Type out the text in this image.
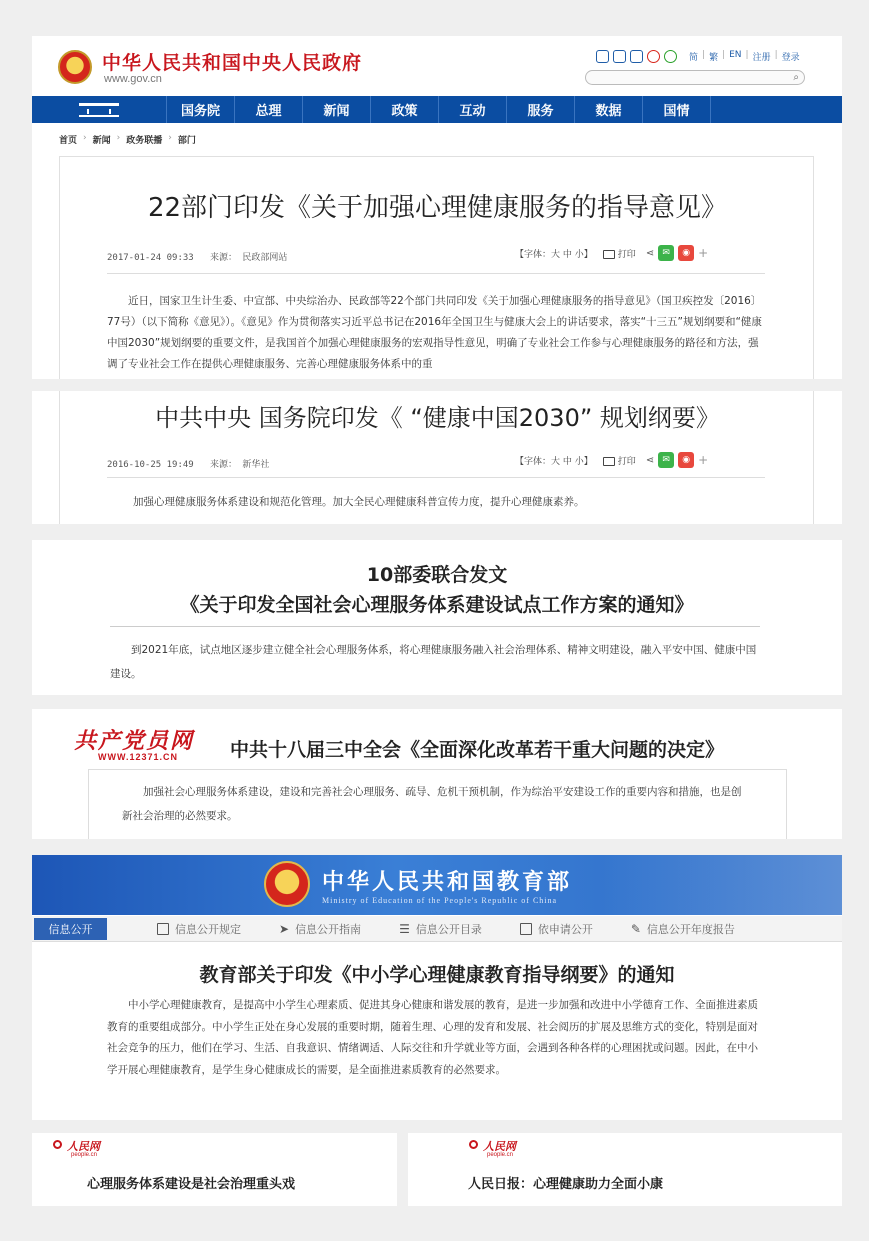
中华人民共和国中央人民政府
www.gov.cn
简 | 繁 | EN | 注册 | 登录
⌕
国务院	总理	新闻	政策	互动	服务	数据	国情
首页 › 新闻 › 政务联播 › 部门
22部门印发《关于加强心理健康服务的指导意见》
2017-01-24 09:33 来源： 民政部网站	【字体：大 中 小】	打印 ⋖ ✉	◉ +
近日，国家卫生计生委、中宣部、中央综治办、民政部等22个部门共同印发《关于加强心理健康服务的指导意见》（国卫疾控发〔2016〕77号）（以下简称《意见》）。《意见》作为贯彻落实习近平总书记在2016年全国卫生与健康大会上的讲话要求，落实“十三五”规划纲要和“健康中国2030”规划纲要的重要文件，是我国首个加强心理健康服务的宏观指导性意见，明确了专业社会工作参与心理健康服务的路径和方法，强调了专业社会工作在提供心理健康服务、完善心理健康服务体系中的重
中共中央 国务院印发《 “健康中国2030” 规划纲要》
2016-10-25 19:49 来源： 新华社	【字体：大 中 小】	打印 ⋖ ✉	◉ +
加强心理健康服务体系建设和规范化管理。加大全民心理健康科普宣传力度，提升心理健康素养。
10部委联合发文
《关于印发全国社会心理服务体系建设试点工作方案的通知》
到2021年底，试点地区逐步建立健全社会心理服务体系，将心理健康服务融入社会治理体系、精神文明建设，融入平安中国、健康中国建设。
共产党员网
WWW.12371.CN	中共十八届三中全会《全面深化改革若干重大问题的决定》
加强社会心理服务体系建设，建设和完善社会心理服务、疏导、危机干预机制，作为综治平安建设工作的重要内容和措施，也是创新社会治理的必然要求。
中华人民共和国教育部
Ministry of Education of the People's Republic of China
信息公开	信息公开规定	➤ 信息公开指南	☰ 信息公开目录	依申请公开	✎ 信息公开年度报告
教育部关于印发《中小学心理健康教育指导纲要》的通知
中小学心理健康教育，是提高中小学生心理素质、促进其身心健康和谐发展的教育，是进一步加强和改进中小学德育工作、全面推进素质教育的重要组成部分。中小学生正处在身心发展的重要时期，随着生理、心理的发育和发展、社会阅历的扩展及思维方式的变化，特别是面对社会竞争的压力，他们在学习、生活、自我意识、情绪调适、人际交往和升学就业等方面，会遇到各种各样的心理困扰或问题。因此，在中小学开展心理健康教育，是学生身心健康成长的需要，是全面推进素质教育的必然要求。
人民网
people.cn
心理服务体系建设是社会治理重头戏
人民网
people.cn
人民日报：心理健康助力全面小康
